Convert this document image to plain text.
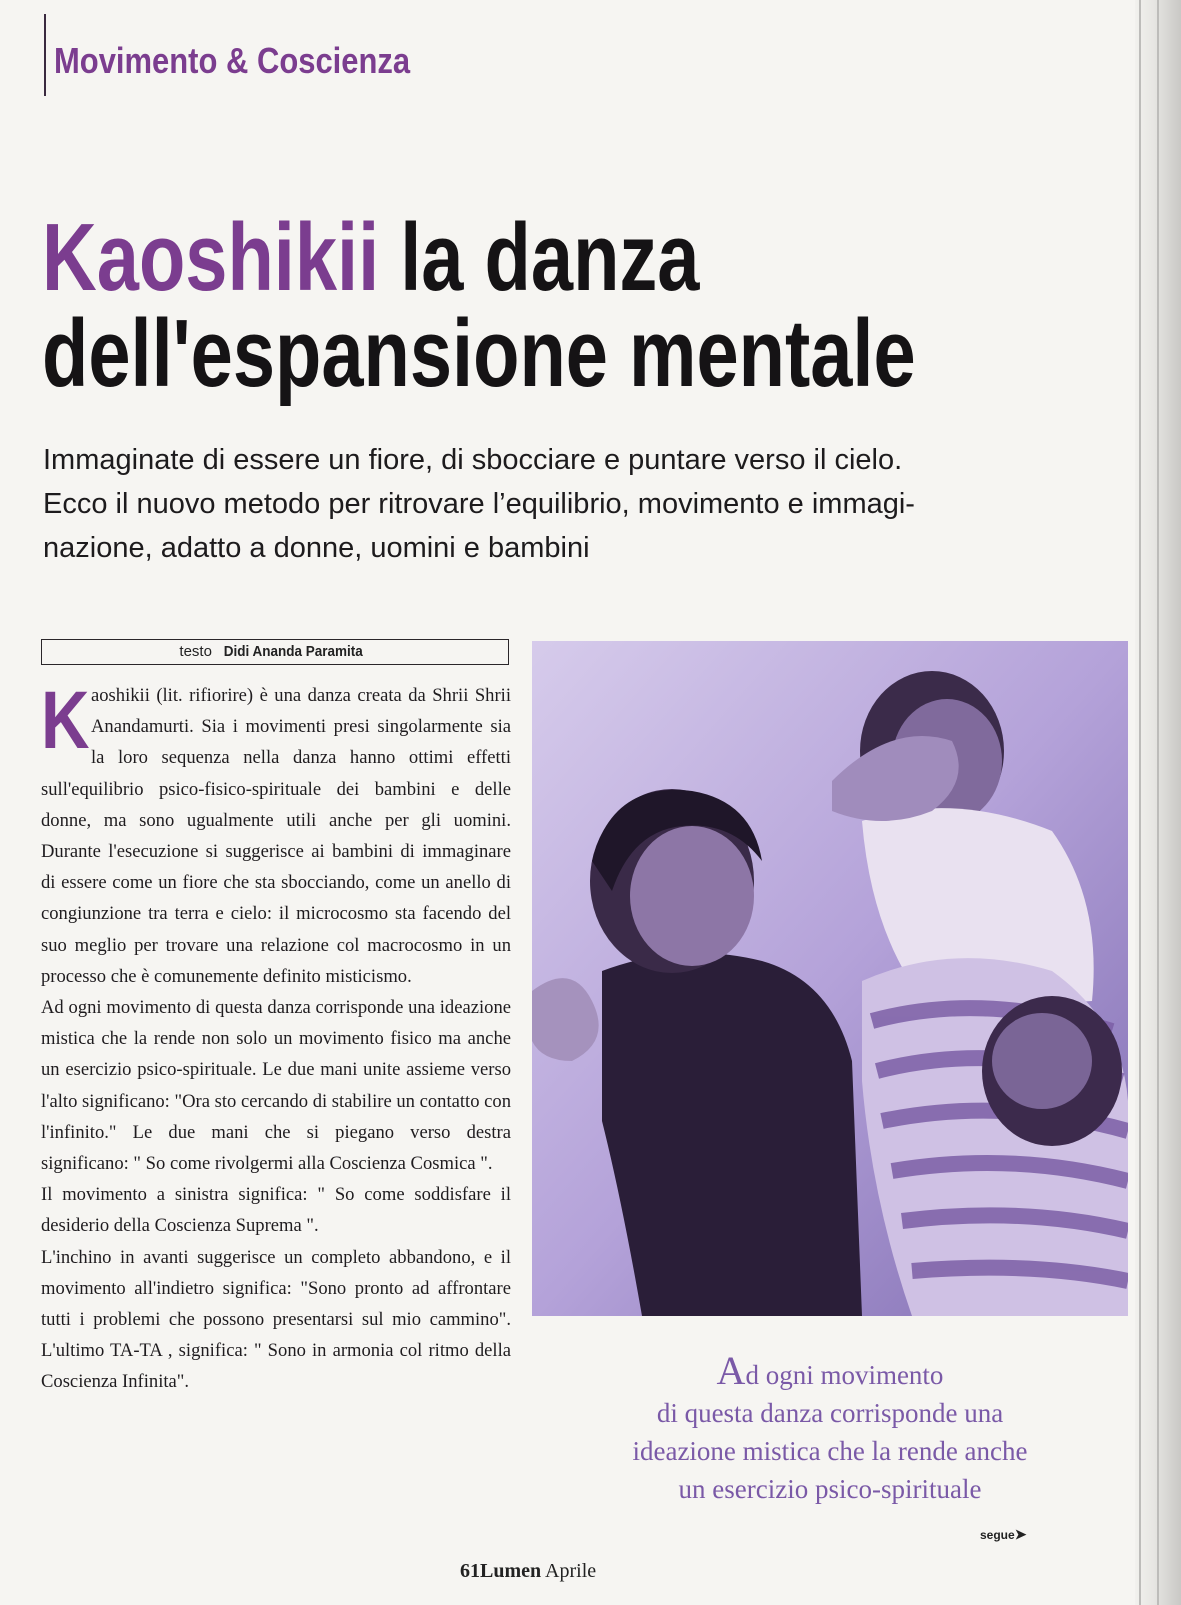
Movimento & Coscienza
Kaoshikii la danza
dell'espansione mentale
Immaginate di essere un fiore, di sbocciare e puntare verso il cielo.
Ecco il nuovo metodo per ritrovare l’equilibrio, movimento e immagi-
nazione, adatto a donne, uomini e bambini
testo Didi Ananda Paramita

Kaoshikii (lit. rifiorire) è una danza creata da Shrii Shrii Anandamurti. Sia i movimenti presi singolarmente sia la loro sequenza nella danza hanno ottimi effetti sull'equilibrio psico-fisico-spirituale dei bambini e delle donne, ma sono ugualmente utili anche per gli uomini. Durante l'esecuzione si suggerisce ai bambini di immaginare di essere come un fiore che sta sbocciando, come un anello di congiunzione tra terra e cielo: il microcosmo sta facendo del suo meglio per trovare una relazione col macrocosmo in un processo che è comunemente definito misticismo.

Ad ogni movimento di questa danza corrisponde una ideazione mistica che la rende non solo un movimento fisico ma anche un esercizio psico-spirituale. Le due mani unite assieme verso l'alto significano: "Ora sto cercando di stabilire un contatto con l'infinito." Le due mani che si piegano verso destra significano: " So come rivolgermi alla Coscienza Cosmica ".

Il movimento a sinistra significa: " So come soddisfare il desiderio della Coscienza Suprema ".

L'inchino in avanti suggerisce un completo abbandono, e il movimento all'indietro significa: "Sono pronto ad affrontare tutti i problemi che possono presentarsi sul mio cammino". L'ultimo TA-TA , significa: " Sono in armonia col ritmo della Coscienza Infinita".	Ad ogni movimento
di questa danza corrisponde una
ideazione mistica che la rende anche
un esercizio psico-spirituale
segue➤
61Lumen Aprile
